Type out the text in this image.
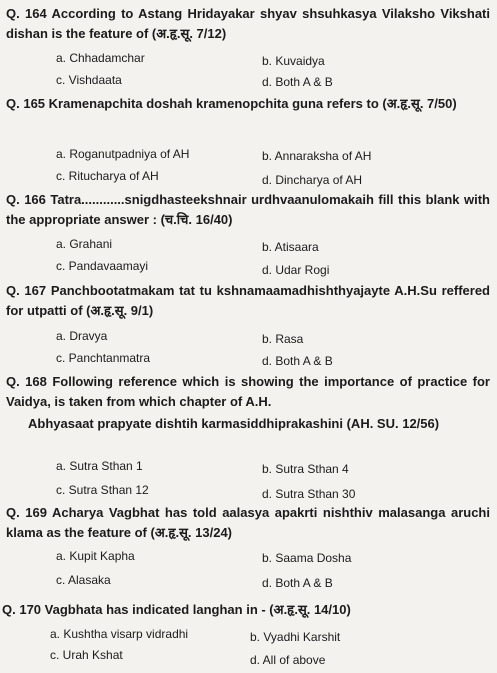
Q. 164 According to Astang Hridayakar shyav shsuhkasya Vilaksho Vikshati dishan is the feature of (अ.हृ.सू. 7/12)
a. Chhadamchar	b. Kuvaidya
c. Vishdaata	d. Both A & B
Q. 165 Kramenapchita doshah kramenopchita guna refers to (अ.हृ.सू. 7/50)
a. Roganutpadniya of AH	b. Annaraksha of AH
c. Ritucharya of AH	d. Dincharya of AH
Q. 166 Tatra............snigdhasteekshnair urdhvaanulomakaih fill this blank with the appropriate answer : (च.चि. 16/40)
a. Grahani	b. Atisaara
c. Pandavaamayi	d. Udar Rogi
Q. 167 Panchbootatmakam tat tu kshnamaamadhishthyajayte A.H.Su reffered for utpatti of (अ.हृ.सू. 9/1)
a. Dravya	b. Rasa
c. Panchtanmatra	d. Both A & B
Q. 168 Following reference which is showing the importance of practice for Vaidya, is taken from which chapter of A.H.
Abhyasaat prapyate dishtih karmasiddhiprakashini (AH. SU. 12/56)
a. Sutra Sthan 1	b. Sutra Sthan 4
c. Sutra Sthan 12	d. Sutra Sthan 30
Q. 169 Acharya Vagbhat has told aalasya apakrti nishthiv malasanga aruchi klama as the feature of (अ.हृ.सू. 13/24)
a. Kupit Kapha	b. Saama Dosha
c. Alasaka	d. Both A & B
Q. 170 Vagbhata has indicated langhan in - (अ.हृ.सू. 14/10)
a. Kushtha visarp vidradhi	b. Vyadhi Karshit
c. Urah Kshat	d. All of above
